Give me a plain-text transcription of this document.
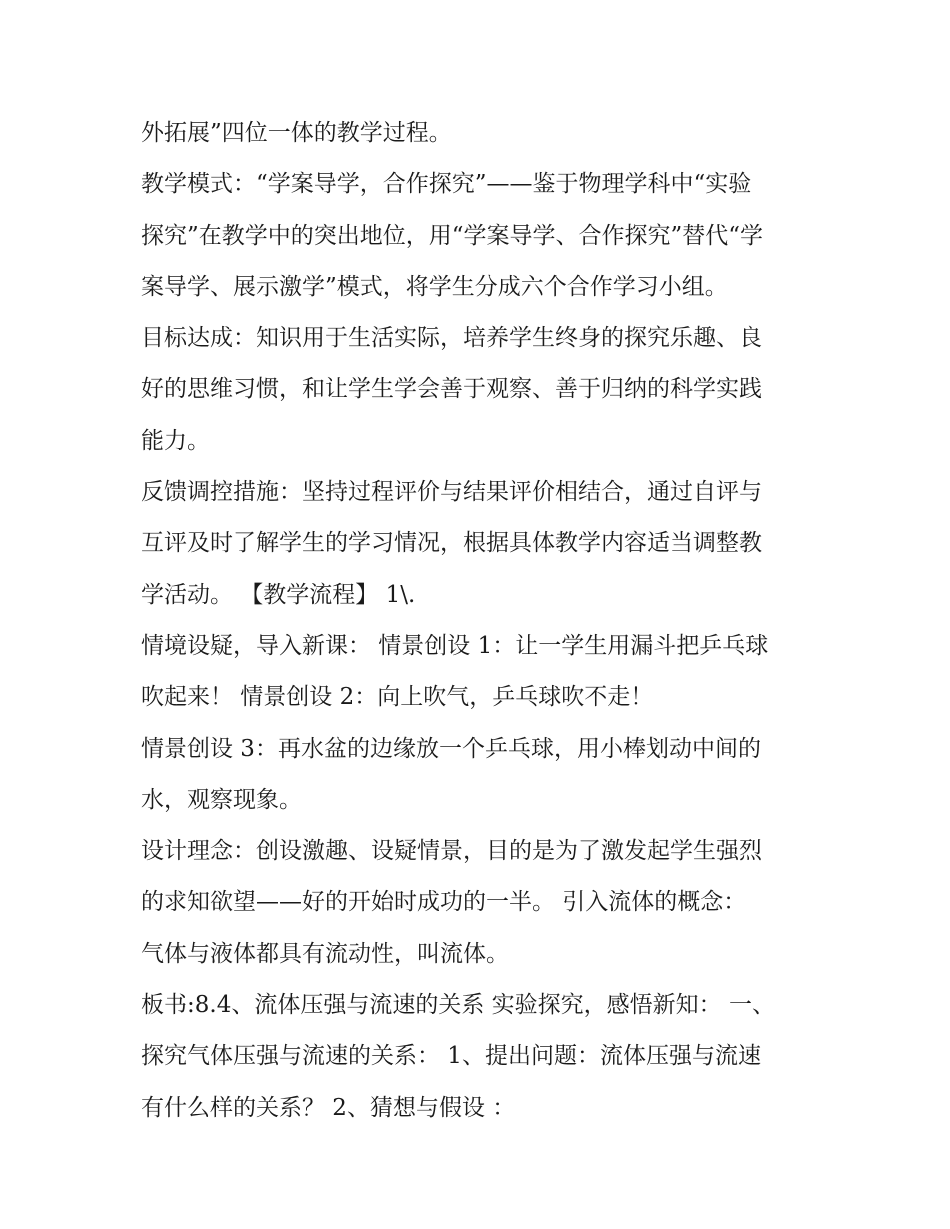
外拓展”四位一体的教学过程。
教学模式：“学案导学，合作探究”——鉴于物理学科中“实验
探究”在教学中的突出地位，用“学案导学、合作探究”替代“学
案导学、展示激学”模式，将学生分成六个合作学习小组。
目标达成：知识用于生活实际，培养学生终身的探究乐趣、良
好的思维习惯，和让学生学会善于观察、善于归纳的科学实践
能力。
反馈调控措施：坚持过程评价与结果评价相结合，通过自评与
互评及时了解学生的学习情况，根据具体教学内容适当调整教
学活动。 【教学流程】 1\.
情境设疑，导入新课： 情景创设 1：让一学生用漏斗把乒乓球
吹起来！ 情景创设 2：向上吹气，乒乓球吹不走！
情景创设 3：再水盆的边缘放一个乒乓球，用小棒划动中间的
水，观察现象。
设计理念：创设激趣、设疑情景，目的是为了激发起学生强烈
的求知欲望——好的开始时成功的一半。 引入流体的概念：
气体与液体都具有流动性，叫流体。
板书:8.4、流体压强与流速的关系 实验探究，感悟新知： 一、
探究气体压强与流速的关系： 1、提出问题：流体压强与流速
有什么样的关系？ 2、猜想与假设 ：
